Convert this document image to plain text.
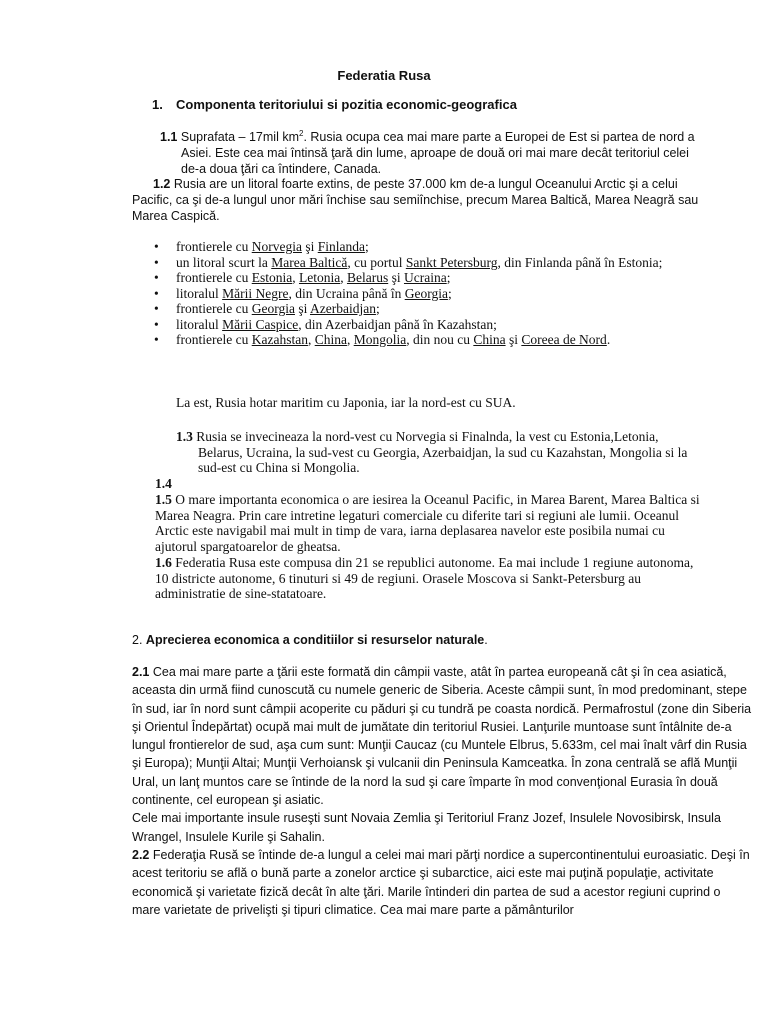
Federatia Rusa
1. Componenta teritoriului si pozitia economic-geografica
1.1 Suprafata – 17mil $km^2$. Rusia ocupa cea mai mare parte a Europei de Est si partea de nord a
Asiei. Este cea mai întinsă ţară din lume, aproape de două ori mai mare decât teritoriul celei de-a doua ţări ca întindere, Canada.
1.2 Rusia are un litoral foarte extins, de peste 37.000 km de-a lungul Oceanului Arctic şi a celui Pacific, ca şi de-a lungul unor mări închise sau semiînchise, precum Marea Baltică, Marea Neagră sau Marea Caspică.
• frontierele cu Norvegia şi Finlanda;
• un litoral scurt la Marea Baltică, cu portul Sankt Petersburg, din Finlanda până în Estonia;
• frontierele cu Estonia, Letonia, Belarus şi Ucraina;
• litoralul Mării Negre, din Ucraina până în Georgia;
• frontierele cu Georgia şi Azerbaidjan;
• litoralul Mării Caspice, din Azerbaidjan până în Kazahstan;
• frontierele cu Kazahstan, China, Mongolia, din nou cu China şi Coreea de Nord.
La est, Rusia hotar maritim cu Japonia, iar la nord-est cu SUA.
1.3 Rusia se invecineaza la nord-vest cu Norvegia si Finalnda, la vest cu Estonia,Letonia,
Belarus, Ucraina, la sud-vest cu Georgia, Azerbaidjan, la sud cu Kazahstan, Mongolia si la sud-est cu China si Mongolia.
1.4
1.5 O mare importanta economica o are iesirea la Oceanul Pacific, in Marea Barent, Marea Baltica si Marea Neagra. Prin care intretine legaturi comerciale cu diferite tari si regiuni ale lumii. Oceanul Arctic este navigabil mai mult in timp de vara, iarna deplasarea navelor este posibila numai cu ajutorul spargatoarelor de gheatsa.
1.6 Federatia Rusa este compusa din 21 se republici autonome. Ea mai include 1 regiune autonoma, 10 districte autonome, 6 tinuturi si 49 de regiuni. Orasele Moscova si Sankt-Petersburg au administratie de sine-statatoare.
2. Aprecierea economica a conditiilor si resurselor naturale.
2.1 Cea mai mare parte a ţării este formată din câmpii vaste, atât în partea europeană cât şi în cea asiatică, aceasta din urmă fiind cunoscută cu numele generic de Siberia. Aceste câmpii sunt, în mod predominant, stepe în sud, iar în nord sunt câmpii acoperite cu păduri şi cu tundră pe coasta nordică. Permafrostul (zone din Siberia şi Orientul Îndepărtat) ocupă mai mult de jumătate din teritoriul Rusiei. Lanţurile muntoase sunt întâlnite de-a lungul frontierelor de sud, aşa cum sunt: Munţii Caucaz (cu Muntele Elbrus, 5.633m, cel mai înalt vârf din Rusia şi Europa); Munţii Altai; Munţii Verhoiansk şi vulcanii din Peninsula Kamceatka. În zona centrală se află Munţii Ural, un lanţ muntos care se întinde de la nord la sud şi care împarte în mod convenţional Eurasia în două continente, cel european şi asiatic.
Cele mai importante insule ruseşti sunt Novaia Zemlia şi Teritoriul Franz Jozef, Insulele Novosibirsk, Insula Wrangel, Insulele Kurile şi Sahalin.
2.2 Federaţia Rusă se întinde de-a lungul a celei mai mari părţi nordice a supercontinentului euroasiatic. Deşi în acest teritoriu se află o bună parte a zonelor arctice şi subarctice, aici este mai puţină populaţie, activitate economică şi varietate fizică decât în alte ţări. Marile întinderi din partea de sud a acestor regiuni cuprind o mare varietate de privelişti şi tipuri climatice. Cea mai mare parte a pământurilor
